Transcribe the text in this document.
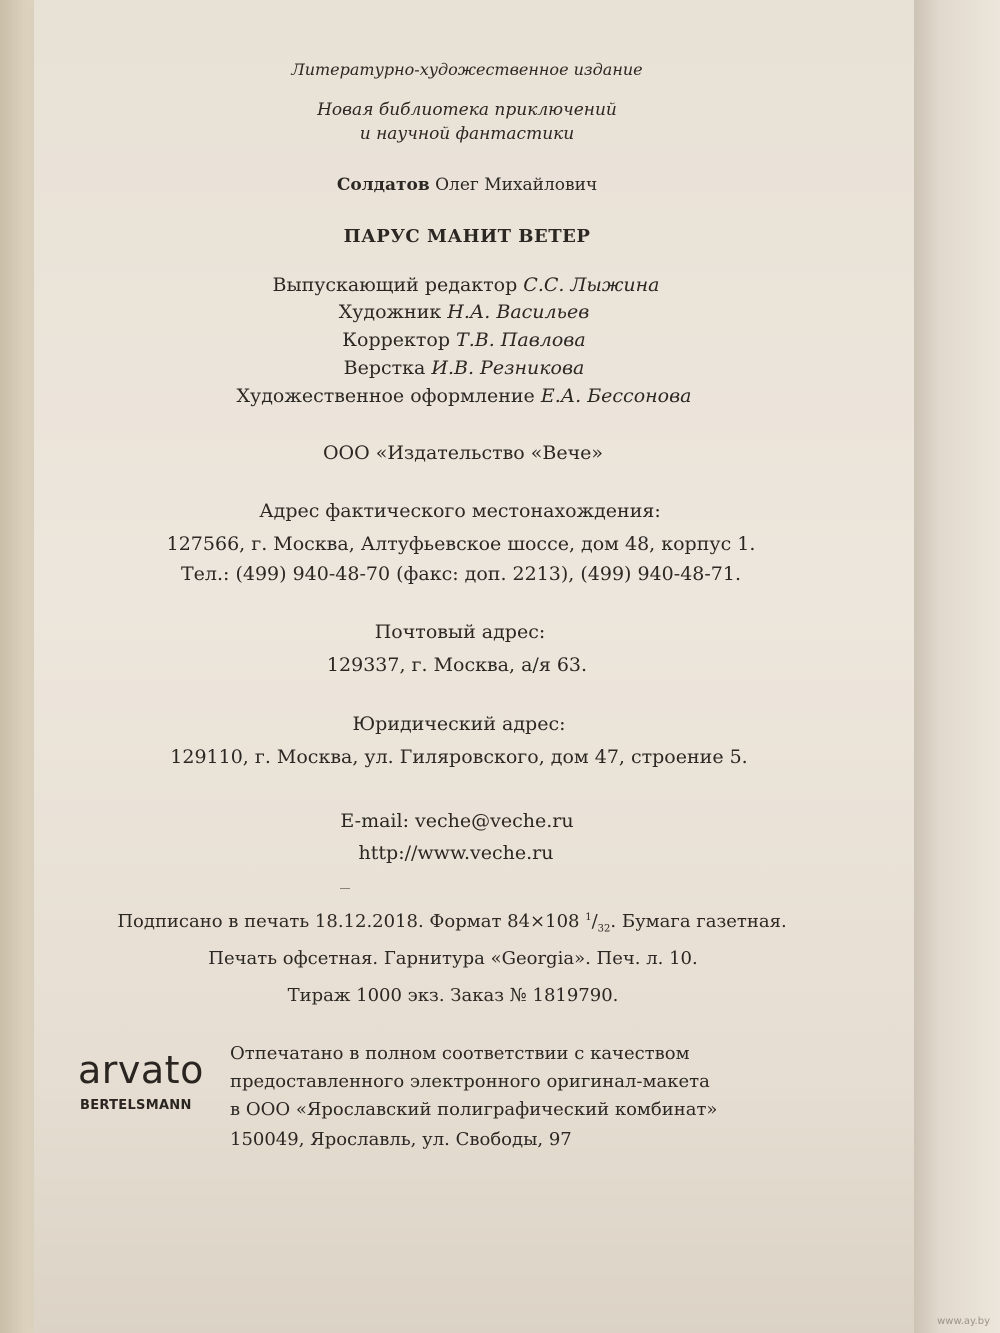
Литературно-художественное издание
Новая библиотека приключений
и научной фантастики
Солдатов Олег Михайлович
ПАРУС МАНИТ ВЕТЕР
Выпускающий редактор С.С. Лыжина
Художник Н.А. Васильев
Корректор Т.В. Павлова
Верстка И.В. Резникова
Художественное оформление Е.А. Бессонова
ООО «Издательство «Вече»
Адрес фактического местонахождения:
127566, г. Москва, Алтуфьевское шоссе, дом 48, корпус 1.
Тел.: (499) 940-48-70 (факс: доп. 2213), (499) 940-48-71.
Почтовый адрес:
129337, г. Москва, а/я 63.
Юридический адрес:
129110, г. Москва, ул. Гиляровского, дом 47, строение 5.
E-mail: veche@veche.ru
http://www.veche.ru
Подписано в печать 18.12.2018. Формат 84×108 $^1/_{32}$. Бумага газетная.
Печать офсетная. Гарнитура «Georgia». Печ. л. 10.
Тираж 1000 экз. Заказ № 1819790.
arvato
BERTELSMANN
Отпечатано в полном соответствии с качеством
предоставленного электронного оригинал-макета
в ООО «Ярославский полиграфический комбинат»
150049, Ярославль, ул. Свободы, 97
www.ay.by
